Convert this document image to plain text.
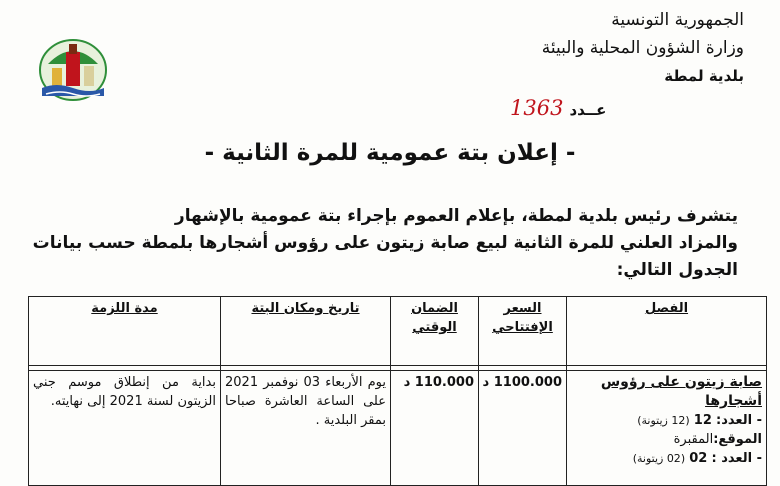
الجمهورية التونسية
وزارة الشؤون المحلية والبيئة
بلدية لمطة
عــدد1363
- إعلان بتة عمومية للمرة الثانية -
يتشرف رئيس بلدية لمطة، بإعلام العموم بإجراء بتة عمومية بالإشهار
والمزاد العلني للمرة الثانية لبيع صابة زيتون على رؤوس أشجارها بلمطة حسب بيانات
الجدول التالي:
الفصل	السعر الإفتتاحي	الضمان الوقتي	تاريخ ومكان البتة	مدة اللزمة

صابة زيتون على رؤوس أشجارها
- العدد: 12 (12 زيتونة)
الموقع:المقبرة
- العدد : 02 (02 زيتونة)	1100.000 د	110.000 د	يوم الأربعاء 03 نوفمبر 2021 على الساعة العاشرة صباحا بمقر البلدية .	بداية من إنطلاق موسم جني الزيتون لسنة 2021 إلى نهايته.
